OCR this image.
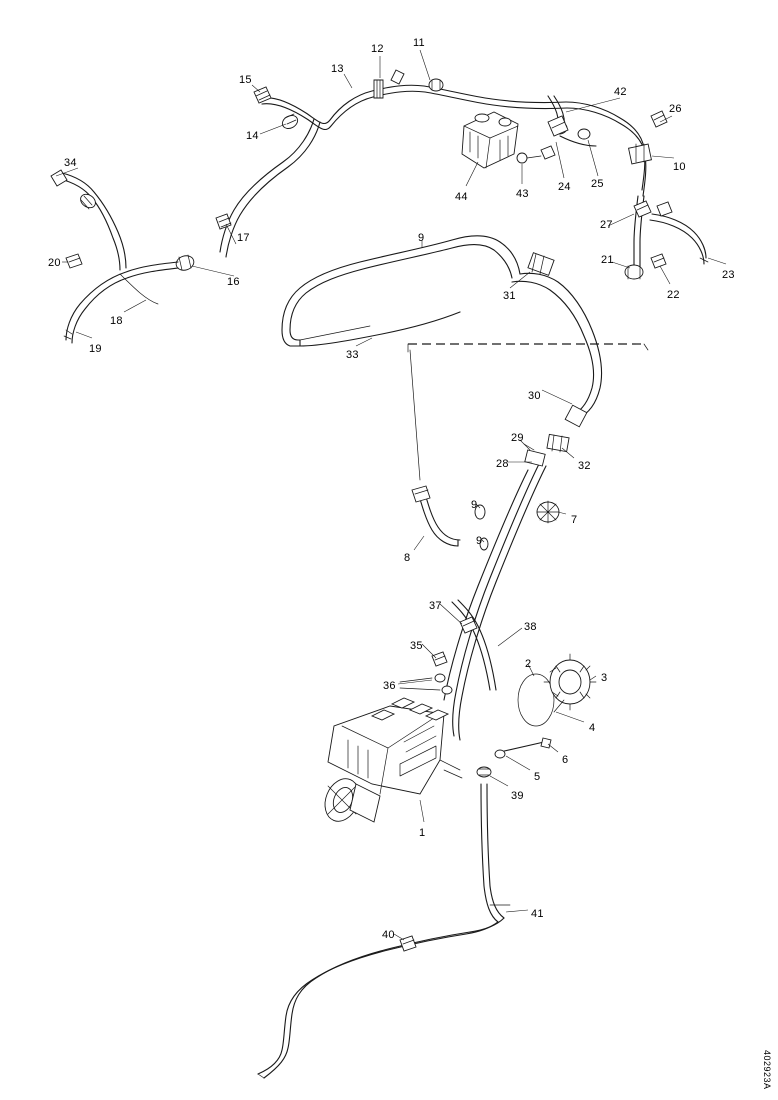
34
15
13
12	11
42
26
14
10
44	43
24 25
27
17
20
16
21
23
22
18
19
9
31
33
30
29
32
28
7
9
9
8
37
35
38
36
2
3
4
6
5
39
1
41
40
402923A
